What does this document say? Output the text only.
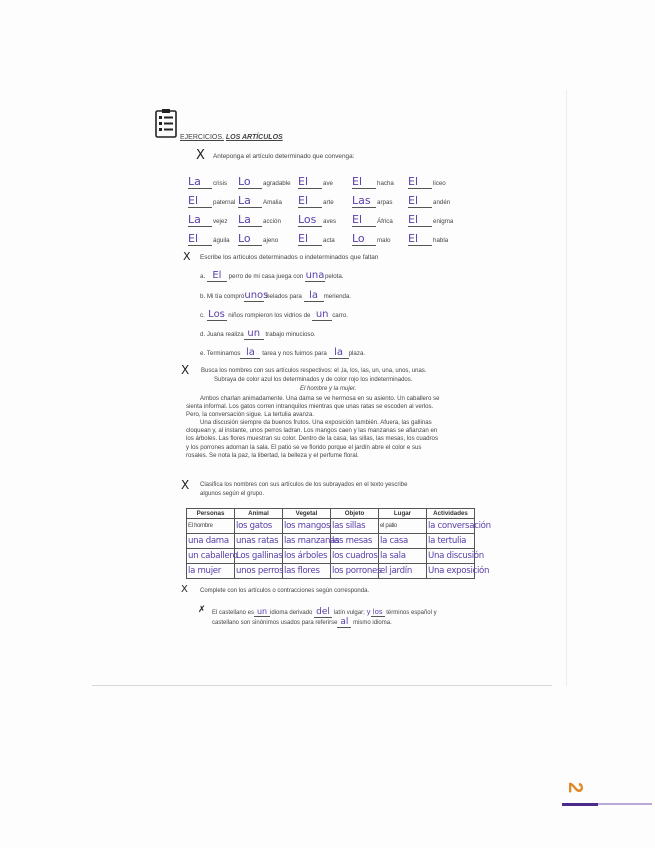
EJERCICIOS. LOS ARTÍCULOS
X Anteponga el artículo determinado que convenga:
La crisis Lo agradable El ave El hacha El liceo
El paternal La Amalia El arte Las arpas El andén
La vejez La acción Los aves El África El enigma
El águila Lo ajeno El acta Lo malo El habla
X Escribe los artículos determinados o indeterminados que faltan
a. El perro de mi casa juega con unapelota.
b. Mi tía compróunos helados para la merienda.
c. Los niños rompieron los vidrios de un carro.
d. Juana realiza un trabajo minucioso.
e. Terminamos la tarea y nos fuimos para la plaza.
X Busca los nombres con sus artículos respectivos: el ,la, los, las, un, una, unos, unas.
Subraya de color azul los determinados y de color rojo los indeterminados.
El hombre y la mujer.
Ambos charlan animadamente. Una dama se ve hermosa en su asiento. Un caballero se
sienta informal. Los gatos corren intranquilos mientras que unas ratas se escoden al verlos.
Pero, la conversación sigue. La tertulia avanza.
Una discusión siempre da buenos frutos. Una exposición también. Afuera, las gallinas
cloquean y, al instante, unos perros ladran. Los mangos caen y las manzanas se afianzan en
los árboles. Las flores muestran su color. Dentro de la casa, las sillas, las mesas, los cuadros
y los porrones adornan la sala. El patio se ve florido porque el jardín abre el color e sus
rosales. Se nota la paz, la libertad, la belleza y el perfume floral.
X Clasifica los nombres con sus artículos de los subrayados en el texto yescribe
algunos según el grupo.
Personas	Animal	Vegetal	Objeto	Lugar	Actividades
El hombre	los gatos	los mangos	las sillas	el patio	la conversación
una dama	unas ratas	las manzanas	las mesas	la casa	la tertulia
un caballero	Los gallinas	los árboles	los cuadros	la sala	Una discusión
la mujer	unos perros	las flores	los porrones	el jardín	Una exposición
X Complete con los artículos o contracciones según corresponda.
✗ El castellano es un idioma derivado del latín vulgar; y los términos español y
castellano son sinónimos usados para referirse al mismo idioma.
2
